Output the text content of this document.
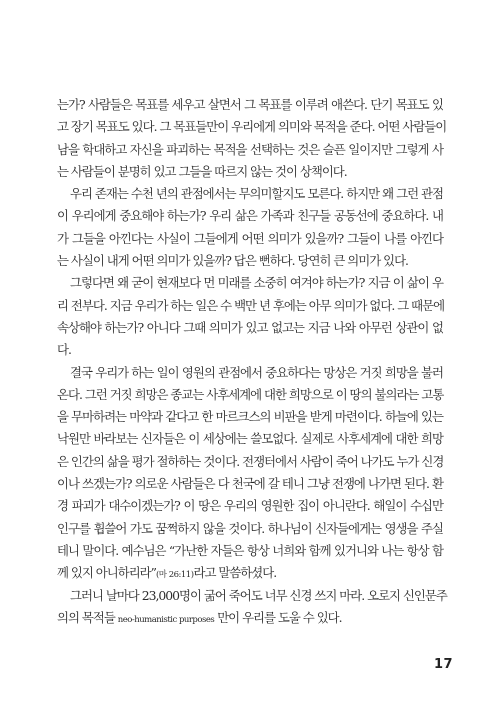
는가? 사람들은 목표를 세우고 살면서 그 목표를 이루려 애쓴다. 단기 목표도 있
고 장기 목표도 있다. 그 목표들만이 우리에게 의미와 목적을 준다. 어떤 사람들이
남을 학대하고 자신을 파괴하는 목적을 선택하는 것은 슬픈 일이지만 그렇게 사
는 사람들이 분명히 있고 그들을 따르지 않는 것이 상책이다.
우리 존재는 수천 년의 관점에서는 무의미할지도 모른다. 하지만 왜 그런 관점
이 우리에게 중요해야 하는가? 우리 삶은 가족과 친구들 공동선에 중요하다. 내
가 그들을 아낀다는 사실이 그들에게 어떤 의미가 있을까? 그들이 나를 아낀다
는 사실이 내게 어떤 의미가 있을까? 답은 뻔하다. 당연히 큰 의미가 있다.
그렇다면 왜 굳이 현재보다 먼 미래를 소중히 여겨야 하는가? 지금 이 삶이 우
리 전부다. 지금 우리가 하는 일은 수 백만 년 후에는 아무 의미가 없다. 그 때문에
속상해야 하는가? 아니다 그때 의미가 있고 없고는 지금 나와 아무런 상관이 없
다.
결국 우리가 하는 일이 영원의 관점에서 중요하다는 망상은 거짓 희망을 불러
온다. 그런 거짓 희망은 종교는 사후세계에 대한 희망으로 이 땅의 불의라는 고통
을 무마하려는 마약과 같다고 한 마르크스의 비판을 받게 마련이다. 하늘에 있는
낙원만 바라보는 신자들은 이 세상에는 쓸모없다. 실제로 사후세계에 대한 희망
은 인간의 삶을 평가 절하하는 것이다. 전쟁터에서 사람이 죽어 나가도 누가 신경
이나 쓰겠는가? 의로운 사람들은 다 천국에 갈 테니 그냥 전쟁에 나가면 된다. 환
경 파괴가 대수이겠는가? 이 땅은 우리의 영원한 집이 아니란다. 해일이 수십만
인구를 휩쓸어 가도 꿈쩍하지 않을 것이다. 하나님이 신자들에게는 영생을 주실
테니 말이다. 예수님은 “가난한 자들은 항상 너희와 함께 있거니와 나는 항상 함
께 있지 아니하리라”(마 26:11)라고 말씀하셨다.
그러니 날마다 23,000명이 굶어 죽어도 너무 신경 쓰지 마라. 오로지 신인문주
의의 목적들 neo-humanistic purposes 만이 우리를 도울 수 있다.
17
